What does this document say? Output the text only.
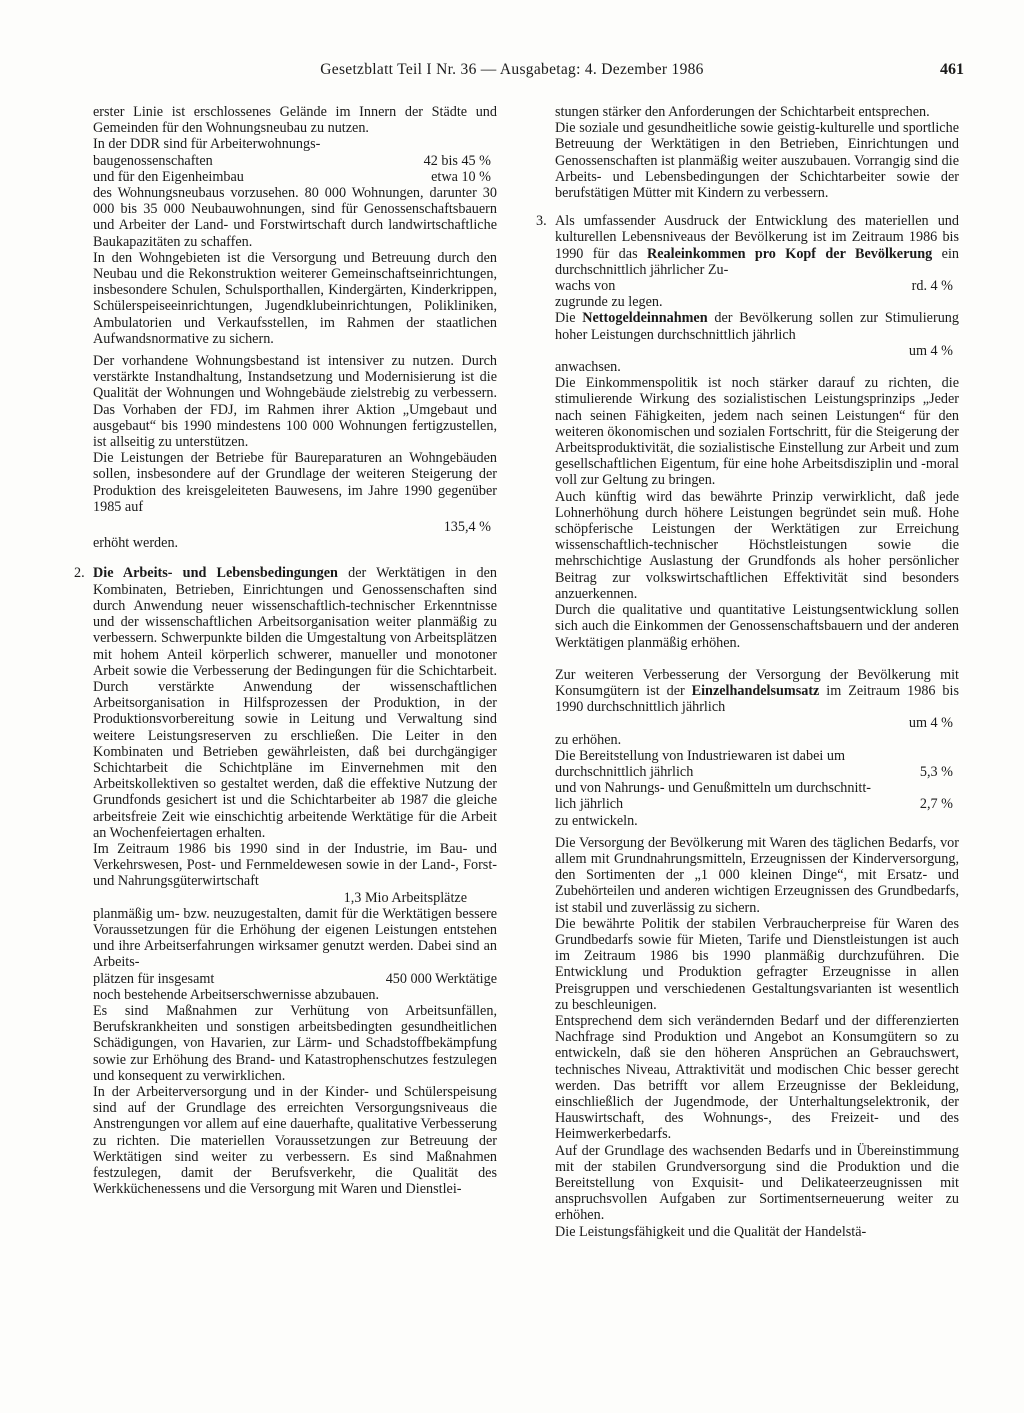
Gesetzblatt Teil I Nr. 36 — Ausgabetag: 4. Dezember 1986	461

erster Linie ist erschlossenes Gelände im Innern der Städte und Gemeinden für den Wohnungsneubau zu nutzen.

In der DDR sind für Arbeiterwohnungs-

baugenossenschaften	42 bis 45 %
und für den Eigenheimbau	etwa 10 %

des Wohnungsneubaus vorzusehen. 80 000 Wohnungen, darunter 30 000 bis 35 000 Neubauwohnungen, sind für Genossenschaftsbauern und Arbeiter der Land- und Forstwirtschaft durch landwirtschaftliche Baukapazitäten zu schaffen.

In den Wohngebieten ist die Versorgung und Betreuung durch den Neubau und die Rekonstruktion weiterer Gemeinschaftseinrichtungen, insbesondere Schulen, Schulsporthallen, Kindergärten, Kinderkrippen, Schülerspeiseeinrichtungen, Jugendklubeinrichtungen, Polikliniken, Ambulatorien und Verkaufsstellen, im Rahmen der staatlichen Aufwandsnormative zu sichern.

Der vorhandene Wohnungsbestand ist intensiver zu nutzen. Durch verstärkte Instandhaltung, Instandsetzung und Modernisierung ist die Qualität der Wohnungen und Wohngebäude zielstrebig zu verbessern. Das Vorhaben der FDJ, im Rahmen ihrer Aktion „Umgebaut und ausgebaut“ bis 1990 mindestens 100 000 Wohnungen fertigzustellen, ist allseitig zu unterstützen.

Die Leistungen der Betriebe für Baureparaturen an Wohngebäuden sollen, insbesondere auf der Grundlage der weiteren Steigerung der Produktion des kreisgeleiteten Bauwesens, im Jahre 1990 gegenüber 1985 auf

135,4 %

erhöht werden.

2. Die Arbeits- und Lebensbedingungen der Werktätigen in den Kombinaten, Betrieben, Einrichtungen und Genossenschaften sind durch Anwendung neuer wissenschaftlich-technischer Erkenntnisse und der wissenschaftlichen Arbeitsorganisation weiter planmäßig zu verbessern. Schwerpunkte bilden die Umgestaltung von Arbeitsplätzen mit hohem Anteil körperlich schwerer, manueller und monotoner Arbeit sowie die Verbesserung der Bedingungen für die Schichtarbeit. Durch verstärkte Anwendung der wissenschaftlichen Arbeitsorganisation in Hilfsprozessen der Produktion, in der Produktionsvorbereitung sowie in Leitung und Verwaltung sind weitere Leistungsreserven zu erschließen. Die Leiter in den Kombinaten und Betrieben gewährleisten, daß bei durchgängiger Schichtarbeit die Schichtpläne im Einvernehmen mit den Arbeitskollektiven so gestaltet werden, daß die effektive Nutzung der Grundfonds gesichert ist und die Schichtarbeiter ab 1987 die gleiche arbeitsfreie Zeit wie einschichtig arbeitende Werktätige für die Arbeit an Wochenfeiertagen erhalten.

Im Zeitraum 1986 bis 1990 sind in der Industrie, im Bau- und Verkehrswesen, Post- und Fernmeldewesen sowie in der Land-, Forst- und Nahrungsgüterwirtschaft

1,3 Mio Arbeitsplätze

planmäßig um- bzw. neuzugestalten, damit für die Werktätigen bessere Voraussetzungen für die Erhöhung der eigenen Leistungen entstehen und ihre Arbeitserfahrungen wirksamer genutzt werden. Dabei sind an Arbeits-

plätzen für insgesamt	450 000 Werktätige

noch bestehende Arbeitserschwernisse abzubauen.

Es sind Maßnahmen zur Verhütung von Arbeitsunfällen, Berufskrankheiten und sonstigen arbeitsbedingten gesundheitlichen Schädigungen, von Havarien, zur Lärm- und Schadstoffbekämpfung sowie zur Erhöhung des Brand- und Katastrophenschutzes festzulegen und konsequent zu verwirklichen.

In der Arbeiterversorgung und in der Kinder- und Schülerspeisung sind auf der Grundlage des erreichten Versorgungsniveaus die Anstrengungen vor allem auf eine dauerhafte, qualitative Verbesserung zu richten. Die materiellen Voraussetzungen zur Betreuung der Werktätigen sind weiter zu verbessern. Es sind Maßnahmen festzulegen, damit der Berufsverkehr, die Qualität des Werkküchenessens und die Versorgung mit Waren und Dienstlei-

stungen stärker den Anforderungen der Schichtarbeit entsprechen.

Die soziale und gesundheitliche sowie geistig-kulturelle und sportliche Betreuung der Werktätigen in den Betrieben, Einrichtungen und Genossenschaften ist planmäßig weiter auszubauen. Vorrangig sind die Arbeits- und Lebensbedingungen der Schichtarbeiter sowie der berufstätigen Mütter mit Kindern zu verbessern.

3. Als umfassender Ausdruck der Entwicklung des materiellen und kulturellen Lebensniveaus der Bevölkerung ist im Zeitraum 1986 bis 1990 für das Realeinkommen pro Kopf der Bevölkerung ein durchschnittlich jährlicher Zu-

wachs von	rd. 4 %

zugrunde zu legen.

Die Nettogeldeinnahmen der Bevölkerung sollen zur Stimulierung hoher Leistungen durchschnittlich jährlich

um 4 %

anwachsen.

Die Einkommenspolitik ist noch stärker darauf zu richten, die stimulierende Wirkung des sozialistischen Leistungsprinzips „Jeder nach seinen Fähigkeiten, jedem nach seinen Leistungen“ für den weiteren ökonomischen und sozialen Fortschritt, für die Steigerung der Arbeitsproduktivität, die sozialistische Einstellung zur Arbeit und zum gesellschaftlichen Eigentum, für eine hohe Arbeitsdisziplin und -moral voll zur Geltung zu bringen.

Auch künftig wird das bewährte Prinzip verwirklicht, daß jede Lohnerhöhung durch höhere Leistungen begründet sein muß. Hohe schöpferische Leistungen der Werktätigen zur Erreichung wissenschaftlich-technischer Höchstleistungen sowie die mehrschichtige Auslastung der Grundfonds als hoher persönlicher Beitrag zur volkswirtschaftlichen Effektivität sind besonders anzuerkennen.

Durch die qualitative und quantitative Leistungsentwicklung sollen sich auch die Einkommen der Genossenschaftsbauern und der anderen Werktätigen planmäßig erhöhen.

Zur weiteren Verbesserung der Versorgung der Bevölkerung mit Konsumgütern ist der Einzelhandelsumsatz im Zeitraum 1986 bis 1990 durchschnittlich jährlich

um 4 %

zu erhöhen.

Die Bereitstellung von Industriewaren ist dabei um

durchschnittlich jährlich	5,3 %

und von Nahrungs- und Genußmitteln um durchschnitt-

lich jährlich	2,7 %

zu entwickeln.

Die Versorgung der Bevölkerung mit Waren des täglichen Bedarfs, vor allem mit Grundnahrungsmitteln, Erzeugnissen der Kinderversorgung, den Sortimenten der „1 000 kleinen Dinge“, mit Ersatz- und Zubehörteilen und anderen wichtigen Erzeugnissen des Grundbedarfs, ist stabil und zuverlässig zu sichern.

Die bewährte Politik der stabilen Verbraucherpreise für Waren des Grundbedarfs sowie für Mieten, Tarife und Dienstleistungen ist auch im Zeitraum 1986 bis 1990 planmäßig durchzuführen. Die Entwicklung und Produktion gefragter Erzeugnisse in allen Preisgruppen und verschiedenen Gestaltungsvarianten ist wesentlich zu beschleunigen.

Entsprechend dem sich verändernden Bedarf und der differenzierten Nachfrage sind Produktion und Angebot an Konsumgütern so zu entwickeln, daß sie den höheren Ansprüchen an Gebrauchswert, technisches Niveau, Attraktivität und modischen Chic besser gerecht werden. Das betrifft vor allem Erzeugnisse der Bekleidung, einschließlich der Jugendmode, der Unterhaltungselektronik, der Hauswirtschaft, des Wohnungs-, des Freizeit- und des Heimwerkerbedarfs.

Auf der Grundlage des wachsenden Bedarfs und in Übereinstimmung mit der stabilen Grundversorgung sind die Produktion und die Bereitstellung von Exquisit- und Delikateerzeugnissen mit anspruchsvollen Aufgaben zur Sortimentserneuerung weiter zu erhöhen.

Die Leistungsfähigkeit und die Qualität der Handelstä-
